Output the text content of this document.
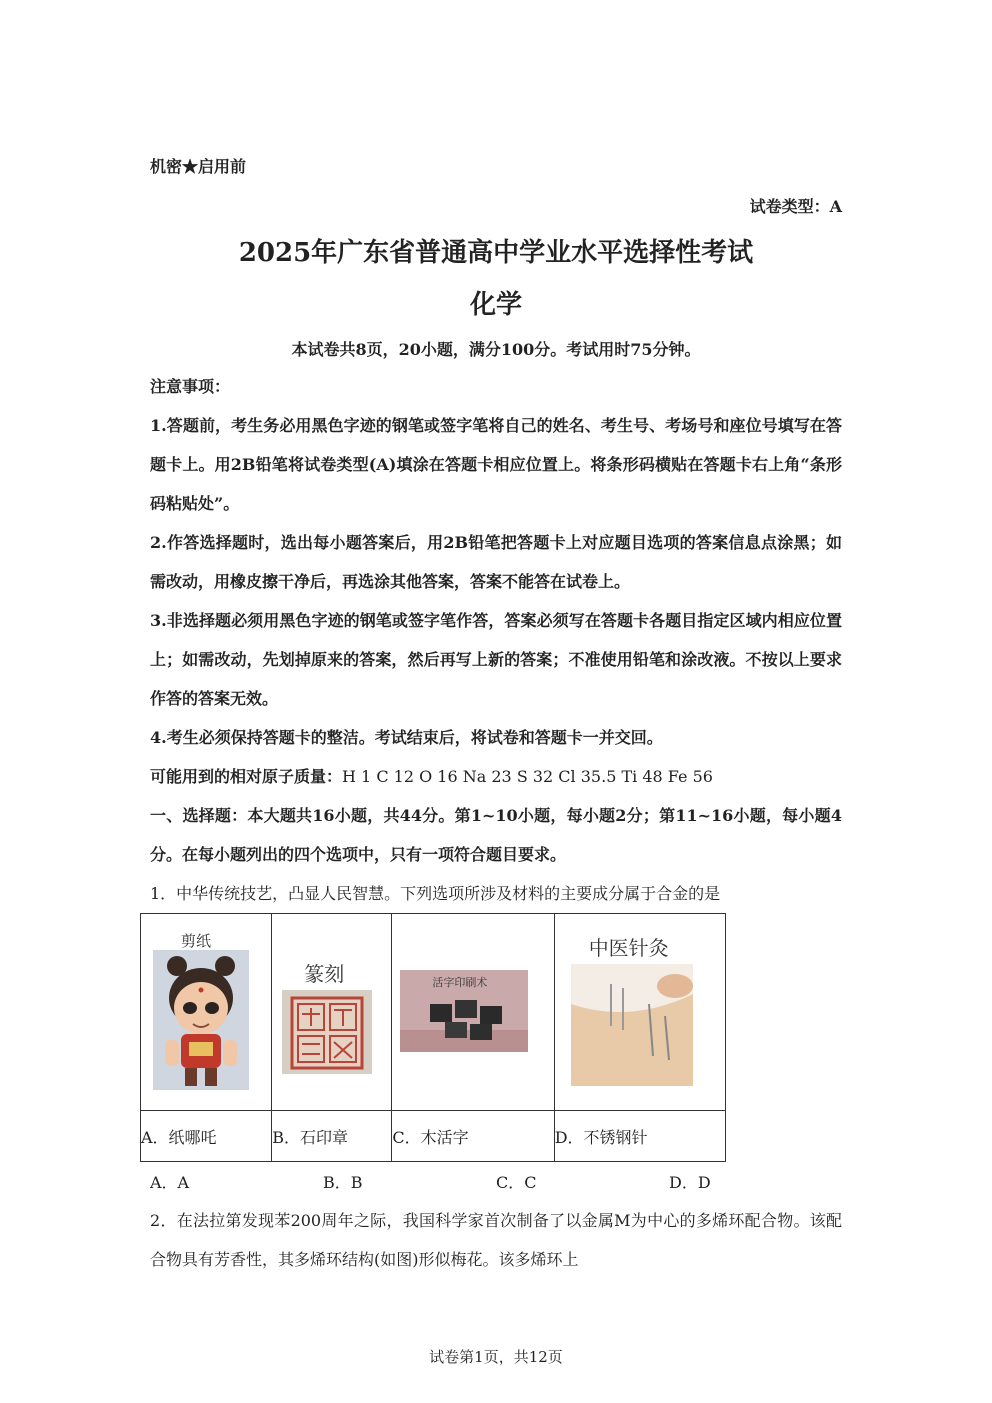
机密★启用前
试卷类型：A
2025年广东省普通高中学业水平选择性考试
化学
本试卷共8页，20小题，满分100分。考试用时75分钟。
注意事项：
1.答题前，考生务必用黑色字迹的钢笔或签字笔将自己的姓名、考生号、考场号和座位号填写在答题卡上。用2B铅笔将试卷类型(A)填涂在答题卡相应位置上。将条形码横贴在答题卡右上角“条形码粘贴处”。
2.作答选择题时，选出每小题答案后，用2B铅笔把答题卡上对应题目选项的答案信息点涂黑；如需改动，用橡皮擦干净后，再选涂其他答案，答案不能答在试卷上。
3.非选择题必须用黑色字迹的钢笔或签字笔作答，答案必须写在答题卡各题目指定区域内相应位置上；如需改动，先划掉原来的答案，然后再写上新的答案；不准使用铅笔和涂改液。不按以上要求作答的答案无效。
4.考生必须保持答题卡的整洁。考试结束后，将试卷和答题卡一并交回。
可能用到的相对原子质量：H 1 C 12 O 16 Na 23 S 32 Cl 35.5 Ti 48 Fe 56
一、选择题：本大题共16小题，共44分。第1~10小题，每小题2分；第11~16小题，每小题4分。在每小题列出的四个选项中，只有一项符合题目要求。
1．中华传统技艺，凸显人民智慧。下列选项所涉及材料的主要成分属于合金的是
剪纸	篆刻	活字印刷术	中医针灸

A．纸哪吒	B．石印章	C．木活字	D．不锈钢针
A．A	B．B	C．C	D．D
2．在法拉第发现苯200周年之际，我国科学家首次制备了以金属M为中心的多烯环配合物。该配合物具有芳香性，其多烯环结构(如图)形似梅花。该多烯环上
试卷第1页，共12页
